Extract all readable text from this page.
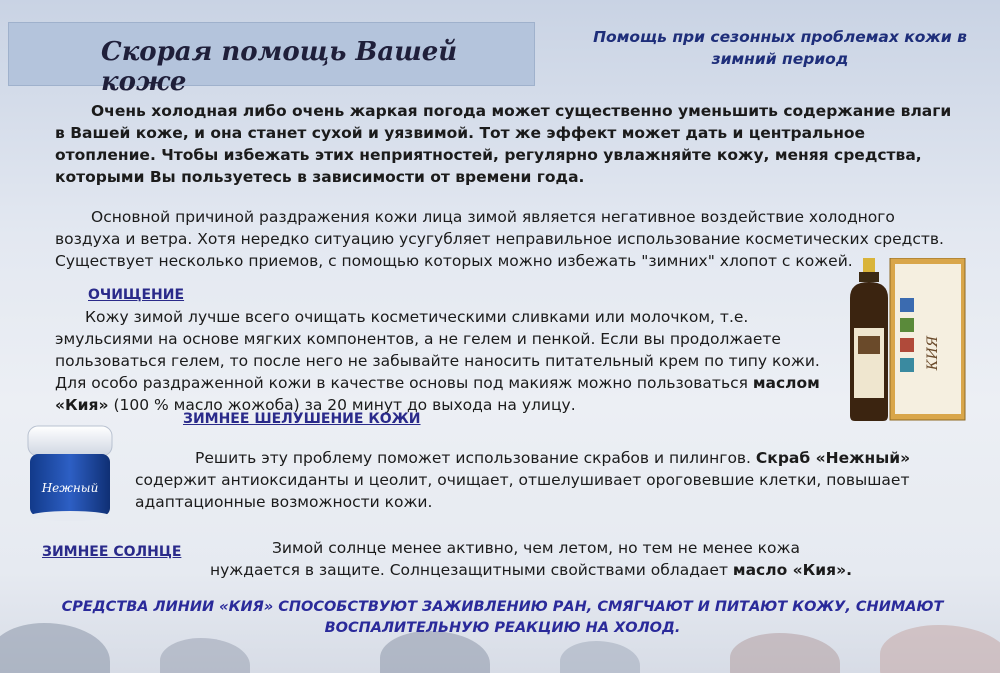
Скорая помощь Вашей коже
Помощь при сезонных проблемах кожи в зимний период
Очень холодная либо очень жаркая погода может существенно уменьшить содержание влаги в Вашей коже, и она станет сухой и уязвимой. Тот же эффект может дать и центральное отопление. Чтобы избежать этих неприятностей, регулярно увлажняйте кожу, меняя средства, которыми Вы пользуетесь в зависимости от времени года.
Основной причиной раздражения кожи лица зимой является негативное воздействие холодного воздуха и ветра. Хотя нередко ситуацию усугубляет неправильное использование косметических средств. Существует несколько приемов, с помощью которых можно избежать "зимних" хлопот с кожей.
ОЧИЩЕНИЕ
Кожу зимой лучше всего очищать косметическими сливками или молочком, т.е. эмульсиями на основе мягких компонентов, а не гелем и пенкой. Если вы продолжаете пользоваться гелем, то после него не забывайте наносить питательный крем по типу кожи. Для особо раздраженной кожи в качестве основы под макияж можно пользоваться маслом «Кия» (100 % масло жожоба) за 20 минут до выхода на улицу.
ЗИМНЕЕ ШЕЛУШЕНИЕ КОЖИ
Решить эту проблему поможет использование скрабов и пилингов. Скраб «Нежный» содержит антиоксиданты и цеолит, очищает, отшелушивает ороговевшие клетки, повышает адаптационные возможности кожи.
ЗИМНЕЕ СОЛНЦЕ	Зимой солнце менее активно, чем летом, но тем не менее кожа нуждается в защите. Солнцезащитными свойствами обладает масло «Кия».
СРЕДСТВА ЛИНИИ «КИЯ» СПОСОБСТВУЮТ ЗАЖИВЛЕНИЮ РАН, СМЯГЧАЮТ И ПИТАЮТ КОЖУ, СНИМАЮТ ВОСПАЛИТЕЛЬНУЮ РЕАКЦИЮ НА ХОЛОД.
Нежный
КИЯ
